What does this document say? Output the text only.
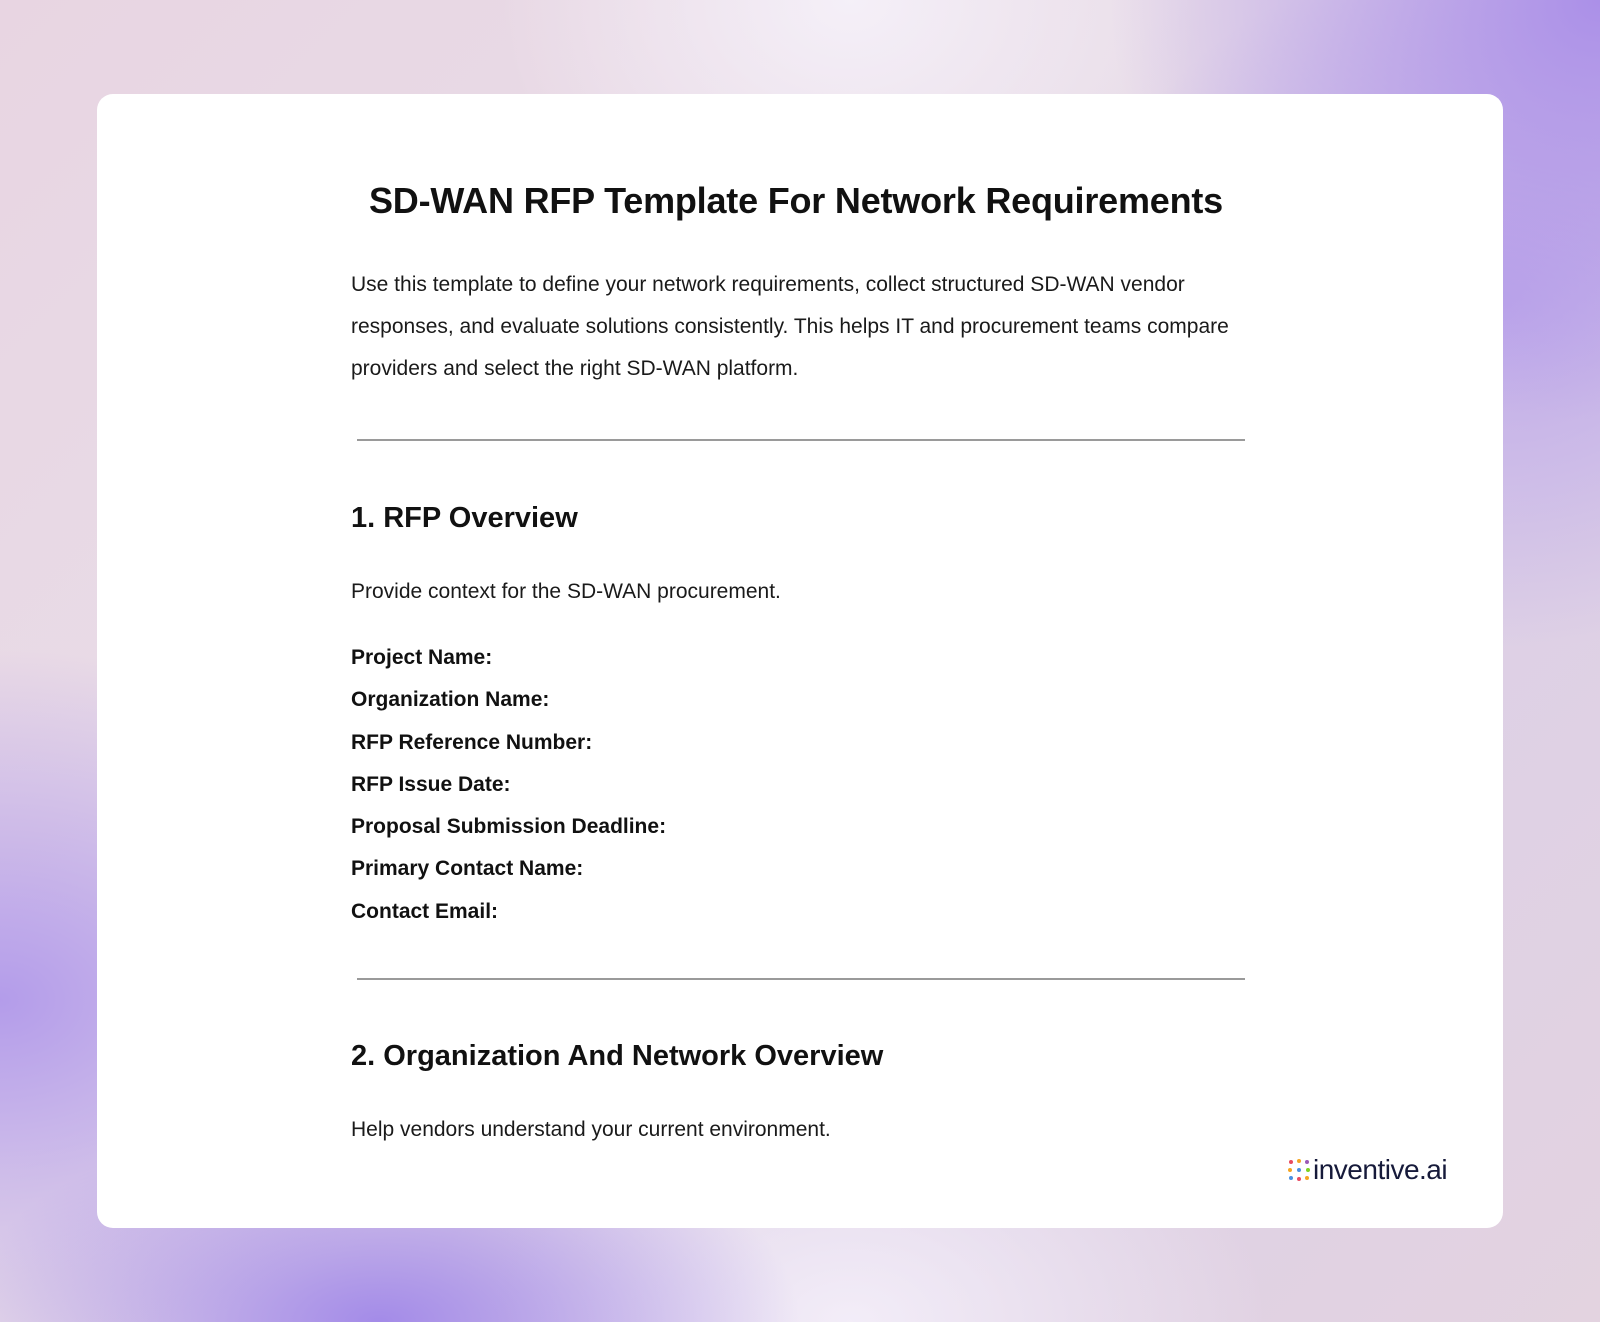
SD-WAN RFP Template For Network Requirements

Use this template to define your network requirements, collect structured SD-WAN vendor responses, and evaluate solutions consistently. This helps IT and procurement teams compare providers and select the right SD-WAN platform.

1. RFP Overview

Provide context for the SD-WAN procurement.

Project Name:
Organization Name:
RFP Reference Number:
RFP Issue Date:
Proposal Submission Deadline:
Primary Contact Name:
Contact Email:
2. Organization And Network Overview

Help vendors understand your current environment.

inventive.ai
